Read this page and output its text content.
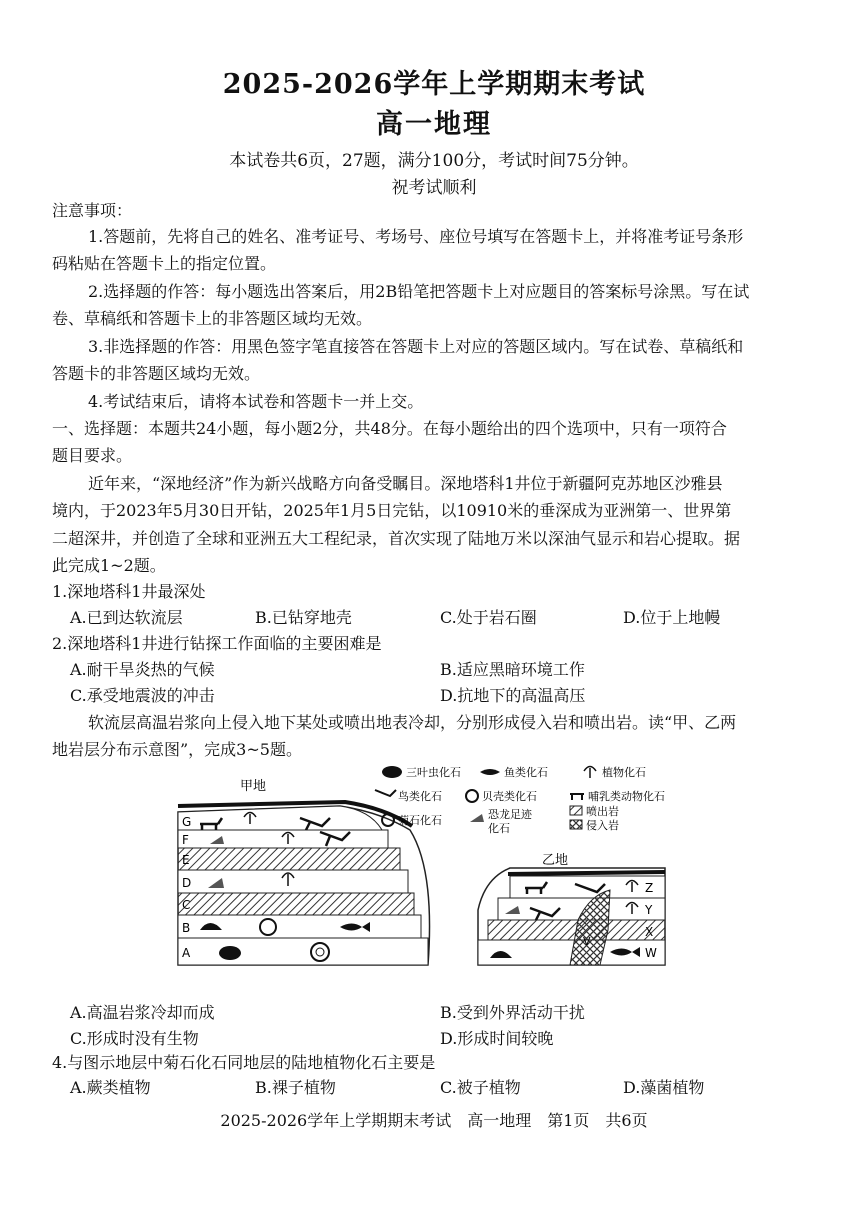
2025-2026学年上学期期末考试
高一地理
本试卷共6页，27题，满分100分，考试时间75分钟。
祝考试顺利
注意事项：
1.答题前，先将自己的姓名、准考证号、考场号、座位号填写在答题卡上，并将准考证号条形
码粘贴在答题卡上的指定位置。
2.选择题的作答：每小题选出答案后，用2B铅笔把答题卡上对应题目的答案标号涂黑。写在试
卷、草稿纸和答题卡上的非答题区域均无效。
3.非选择题的作答：用黑色签字笔直接答在答题卡上对应的答题区域内。写在试卷、草稿纸和
答题卡的非答题区域均无效。
4.考试结束后，请将本试卷和答题卡一并上交。
一、选择题：本题共24小题，每小题2分，共48分。在每小题给出的四个选项中，只有一项符合
题目要求。
近年来，“深地经济”作为新兴战略方向备受瞩目。深地塔科1井位于新疆阿克苏地区沙雅县
境内，于2023年5月30日开钻，2025年1月5日完钻，以10910米的垂深成为亚洲第一、世界第
二超深井，并创造了全球和亚洲五大工程纪录，首次实现了陆地万米以深油气显示和岩心提取。据
此完成1~2题。
1.深地塔科1井最深处
A.已到达软流层	B.已钻穿地壳	C.处于岩石圈	D.位于上地幔
2.深地塔科1井进行钻探工作面临的主要困难是
A.耐干旱炎热的气候	B.适应黑暗环境工作
C.承受地震波的冲击	D.抗地下的高温高压
软流层高温岩浆向上侵入地下某处或喷出地表冷却，分别形成侵入岩和喷出岩。读“甲、乙两
地岩层分布示意图”，完成3~5题。
A
B
C
D
E
F
G
甲地
V
W
X
Y
Z
乙地
三叶虫化石	鱼类化石	植物化石
鸟类化石	贝壳类化石	哺乳类动物化石
菊石化石	恐龙足迹
化石
喷出岩
侵入岩
A.高温岩浆冷却而成	B.受到外界活动干扰
C.形成时没有生物	D.形成时间较晚
4.与图示地层中菊石化石同地层的陆地植物化石主要是
A.蕨类植物	B.裸子植物	C.被子植物	D.藻菌植物
2025-2026学年上学期期末考试　高一地理　第1页　共6页
